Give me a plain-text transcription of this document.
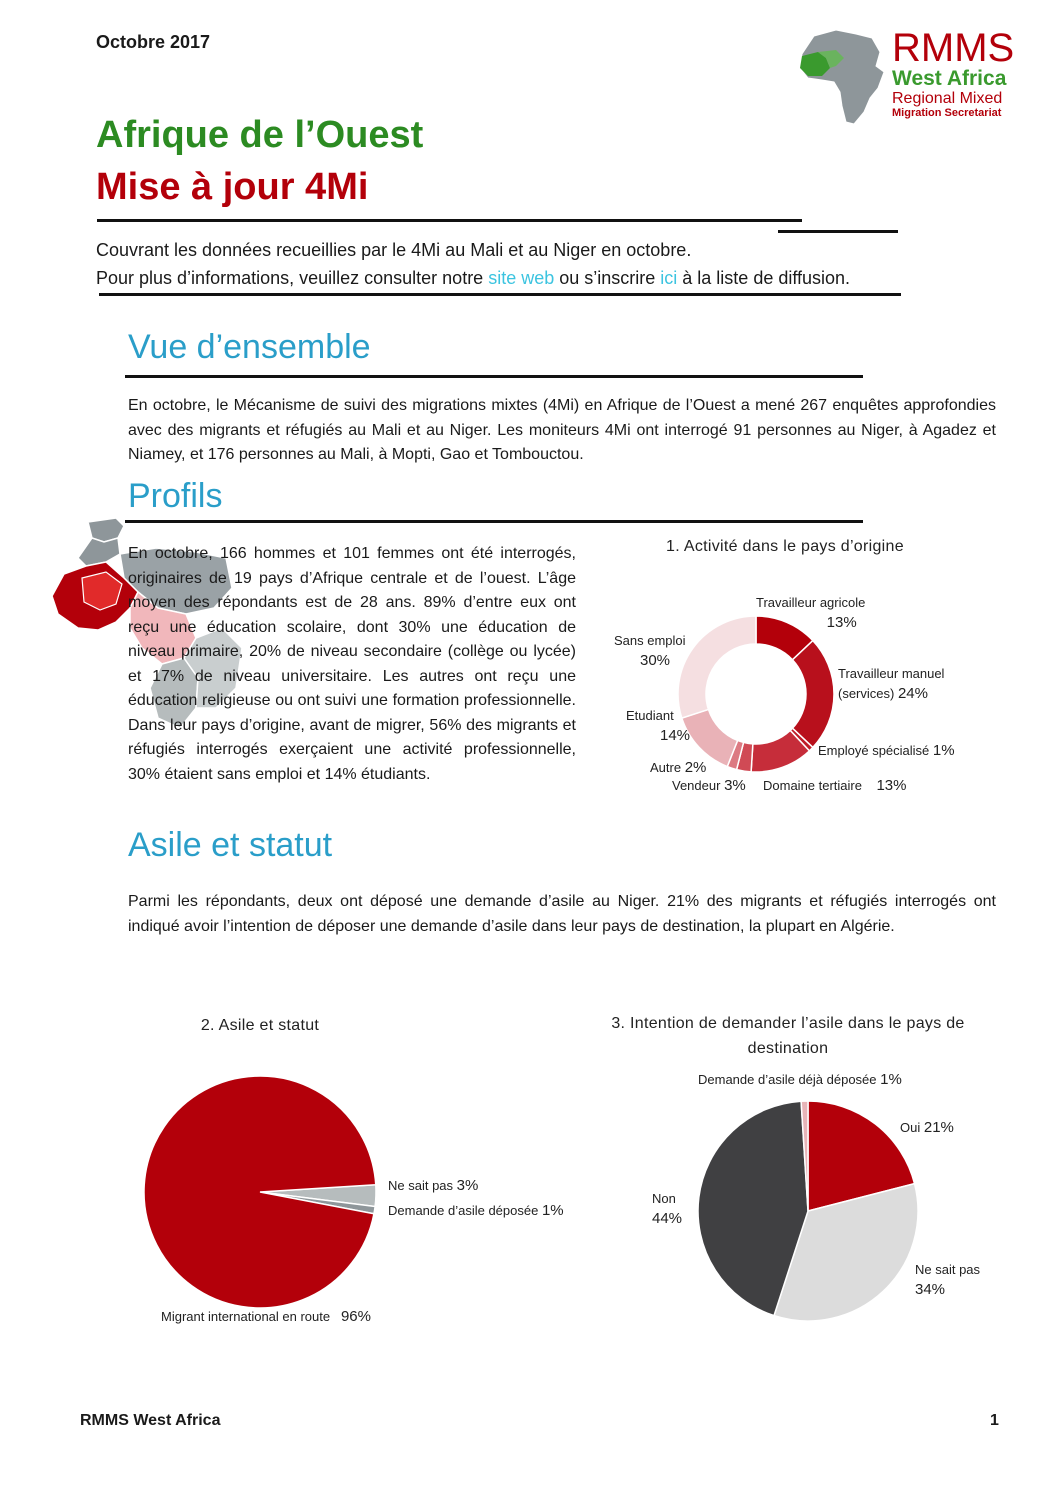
Octobre 2017	RMMS
West Africa
Regional Mixed
Migration Secretariat
Afrique de l’Ouest
Mise à jour 4Mi
Couvrant les données recueillies par le 4Mi au Mali et au Niger en octobre.
Pour plus d’informations, veuillez consulter notre site web ou s’inscrire ici à la liste de diffusion.
Vue d’ensemble
En octobre, le Mécanisme de suivi des migrations mixtes (4Mi) en Afrique de l’Ouest a mené 267 enquêtes approfondies avec des migrants et réfugiés au Mali et au Niger. Les moniteurs 4Mi ont interrogé 91 personnes au Niger, à Agadez et Niamey, et 176 personnes au Mali, à Mopti, Gao et Tombouctou.
Profils
En octobre, 166 hommes et 101 femmes ont été interrogés, originaires de 19 pays d’Afrique centrale et de l’ouest. L’âge moyen des répondants est de 28 ans. 89% d’entre eux ont reçu une éducation scolaire, dont 30% une éducation de niveau primaire, 20% de niveau secondaire (collège ou lycée) et 17% de niveau universitaire. Les autres ont reçu une éducation religieuse ou ont suivi une formation professionnelle. Dans leur pays d’origine, avant de migrer, 56% des migrants et réfugiés interrogés exerçaient une activité professionnelle, 30% étaient sans emploi et 14% étudiants.
1. Activité dans le pays d’origine
Travailleur agricole
13%
Travailleur manuel
(services) 24%
Employé spécialisé 1%
Domaine tertiaire 13%
Vendeur 3%
Autre 2%
Etudiant
14%
Sans emploi
30%
Asile et statut
Parmi les répondants, deux ont déposé une demande d’asile au Niger. 21% des migrants et réfugiés interrogés ont indiqué avoir l’intention de déposer une demande d’asile dans leur pays de destination, la plupart en Algérie.
2. Asile et statut
Ne sait pas 3%
Demande d’asile déposée 1%
Migrant international en route 96%
3. Intention de demander l’asile dans le pays de
destination
Demande d’asile déjà déposée 1%
Oui 21%
Non
44%
Ne sait pas
34%
RMMS West Africa	1
